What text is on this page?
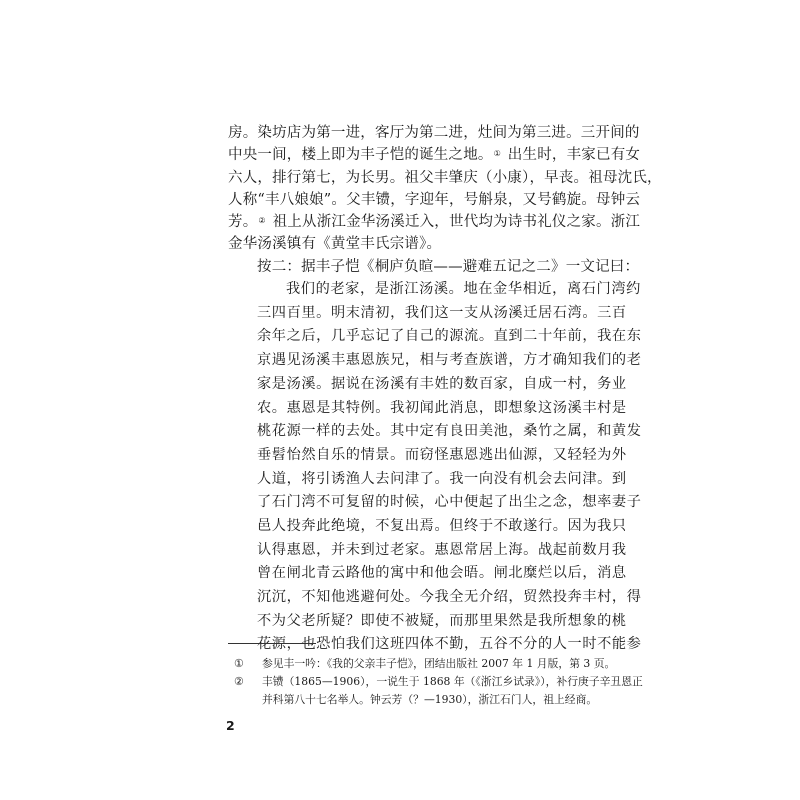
房。染坊店为第一进，客厅为第二进，灶间为第三进。三开间的
中央一间，楼上即为丰子恺的诞生之地。① 出生时，丰家已有女
六人，排行第七，为长男。祖父丰肇庆（小康），早丧。祖母沈氏，
人称“丰八娘娘”。父丰镄，字迎年，号斛泉，又号鹤旋。母钟云
芳。② 祖上从浙江金华汤溪迁入，世代均为诗书礼仪之家。浙江
金华汤溪镇有《黄堂丰氏宗谱》。
按二：据丰子恺《桐庐负暄——避难五记之二》一文记曰：
我们的老家，是浙江汤溪。地在金华相近，离石门湾约
三四百里。明末清初，我们这一支从汤溪迁居石湾。三百
余年之后，几乎忘记了自己的源流。直到二十年前，我在东
京遇见汤溪丰惠恩族兄，相与考查族谱，方才确知我们的老
家是汤溪。据说在汤溪有丰姓的数百家，自成一村，务业
农。惠恩是其特例。我初闻此消息，即想象这汤溪丰村是
桃花源一样的去处。其中定有良田美池，桑竹之属，和黄发
垂髫怡然自乐的情景。而窃怪惠恩逃出仙源，又轻轻为外
人道，将引诱渔人去问津了。我一向没有机会去问津。到
了石门湾不可复留的时候，心中便起了出尘之念，想率妻子
邑人投奔此绝境，不复出焉。但终于不敢遂行。因为我只
认得惠恩，并未到过老家。惠恩常居上海。战起前数月我
曾在闸北青云路他的寓中和他会晤。闸北糜烂以后，消息
沉沉，不知他逃避何处。今我全无介绍，贸然投奔丰村，得
不为父老所疑？即使不被疑，而那里果然是我所想象的桃
花源，也恐怕我们这班四体不勤，五谷不分的人一时不能参
① 参见丰一吟：《我的父亲丰子恺》，团结出版社 2007 年 1 月版，第 3 页。
② 丰镄（1865—1906），一说生于 1868 年（《浙江乡试录》），补行庚子辛丑恩正
并科第八十七名举人。钟云芳（？—1930），浙江石门人，祖上经商。
2
